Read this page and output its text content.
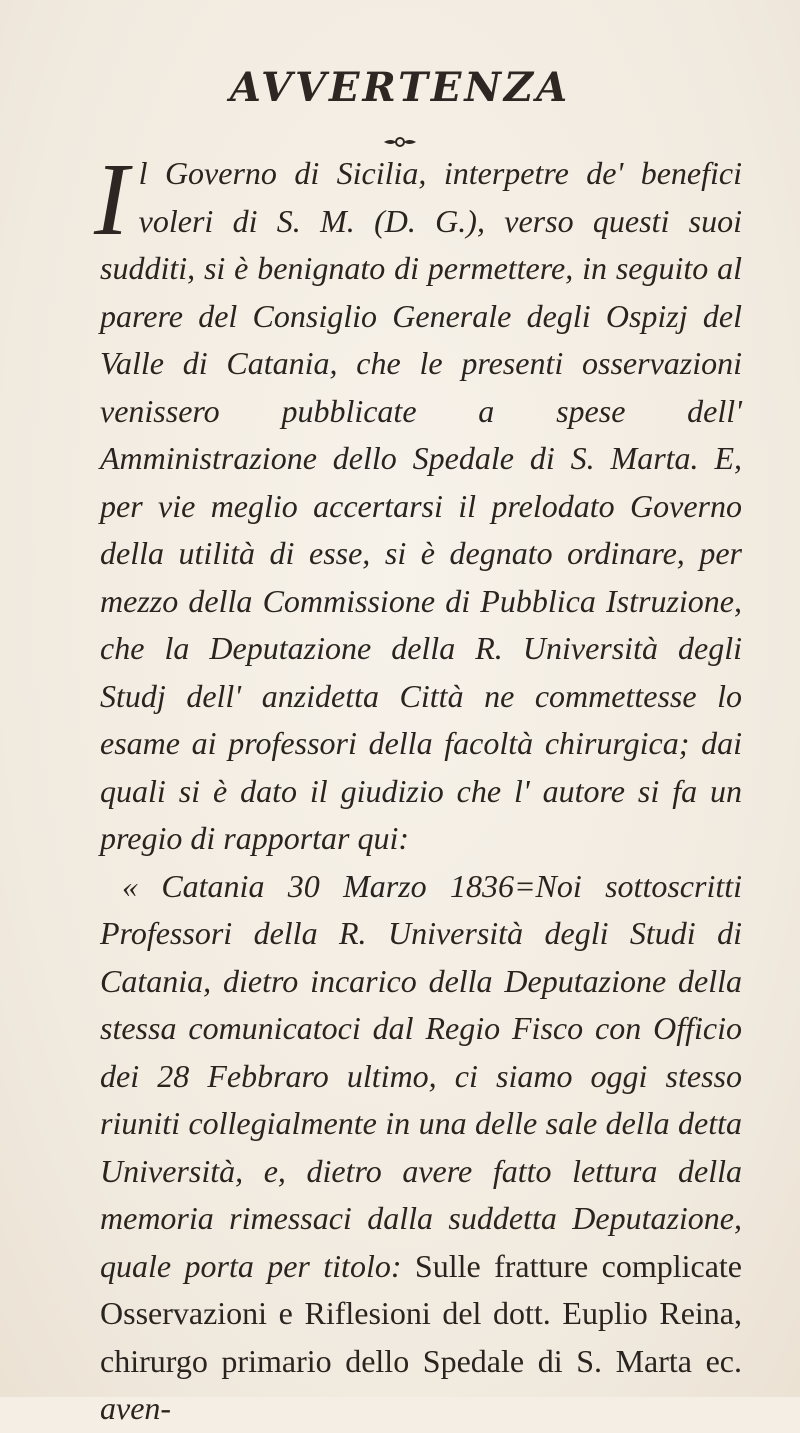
AVVERTENZA

Il Governo di Sicilia, interpetre de' benefici voleri di S. M. (D. G.), verso questi suoi sudditi, si è benignato di permettere, in seguito al parere del Consiglio Generale degli Ospizj del Valle di Catania, che le presenti osservazioni venissero pubblicate a spese dell' Amministrazione dello Spedale di S. Marta. E, per vie meglio accertarsi il prelodato Governo della utilità di esse, si è degnato ordinare, per mezzo della Commissione di Pubblica Istruzione, che la Deputazione della R. Università degli Studj dell' anzidetta Città ne commettesse lo esame ai professori della facoltà chirurgica; dai quali si è dato il giudizio che l' autore si fa un pregio di rapportar qui:

« Catania 30 Marzo 1836=Noi sottoscritti Professori della R. Università degli Studi di Catania, dietro incarico della Deputazione della stessa comunicatoci dal Regio Fisco con Officio dei 28 Febbraro ultimo, ci siamo oggi stesso riuniti collegialmente in una delle sale della detta Università, e, dietro avere fatto lettura della memoria rimessaci dalla suddetta Deputazione, quale porta per titolo: Sulle fratture complicate Osservazioni e Riflesioni del dott. Euplio Reina, chirurgo primario dello Spedale di S. Marta ec. aven-
